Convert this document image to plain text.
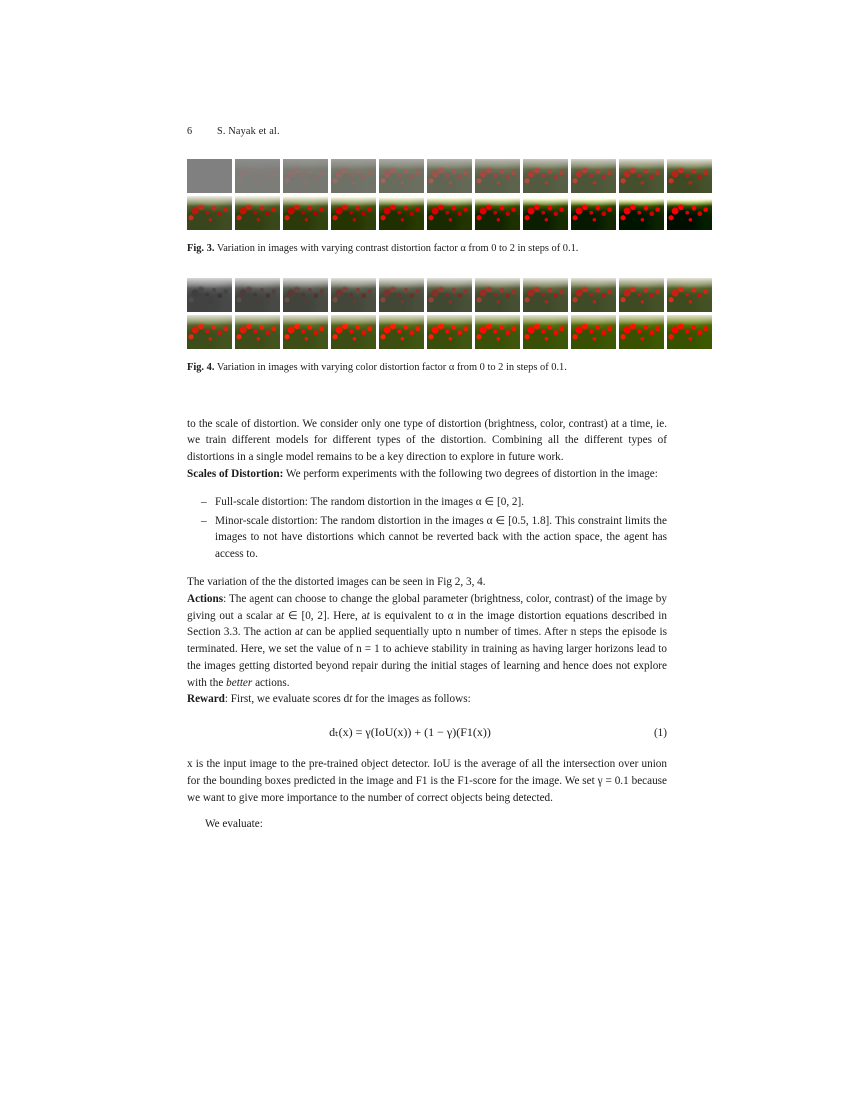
6	S. Nayak et al.

Fig. 3. Variation in images with varying contrast distortion factor α from 0 to 2 in steps of 0.1.

Fig. 4. Variation in images with varying color distortion factor α from 0 to 2 in steps of 0.1.

to the scale of distortion. We consider only one type of distortion (brightness, color, contrast) at a time, ie. we train different models for different types of the distortion. Combining all the different types of distortions in a single model remains to be a key direction to explore in future work.

Scales of Distortion: We perform experiments with the following two degrees of distortion in the image:

– Full-scale distortion: The random distortion in the images α ∈ [0, 2].
– Minor-scale distortion: The random distortion in the images α ∈ [0.5, 1.8]. This constraint limits the images to not have distortions which cannot be reverted back with the action space, the agent has access to.

The variation of the the distorted images can be seen in Fig 2, 3, 4.

Actions: The agent can choose to change the global parameter (brightness, color, contrast) of the image by giving out a scalar at ∈ [0, 2]. Here, at is equivalent to α in the image distortion equations described in Section 3.3. The action at can be applied sequentially upto n number of times. After n steps the episode is terminated. Here, we set the value of n = 1 to achieve stability in training as having larger horizons lead to the images getting distorted beyond repair during the initial stages of learning and hence does not explore with the better actions.

Reward: First, we evaluate scores dt for the images as follows:

dₜ(x) = γ(IoU(x)) + (1 − γ)(F1(x))	(1)

x is the input image to the pre-trained object detector. IoU is the average of all the intersection over union for the bounding boxes predicted in the image and F1 is the F1-score for the image. We set γ = 0.1 because we want to give more importance to the number of correct objects being detected.

We evaluate:
